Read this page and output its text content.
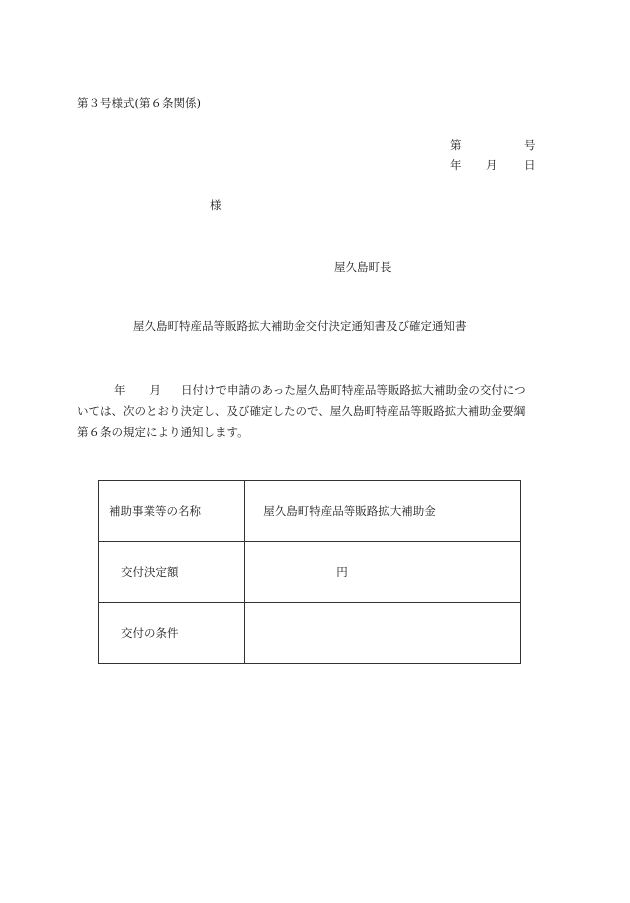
第３号様式(第６条関係)
第	号
年 月 日
様
屋久島町長
屋久島町特産品等販路拡大補助金交付決定通知書及び確定通知書
年 月 日付けで申請のあった屋久島町特産品等販路拡大補助金の交付につ
いては、次のとおり決定し、及び確定したので、屋久島町特産品等販路拡大補助金要綱
第６条の規定により通知します。
補助事業等の名称	屋久島町特産品等販路拡大補助金
交付決定額	円
交付の条件	
